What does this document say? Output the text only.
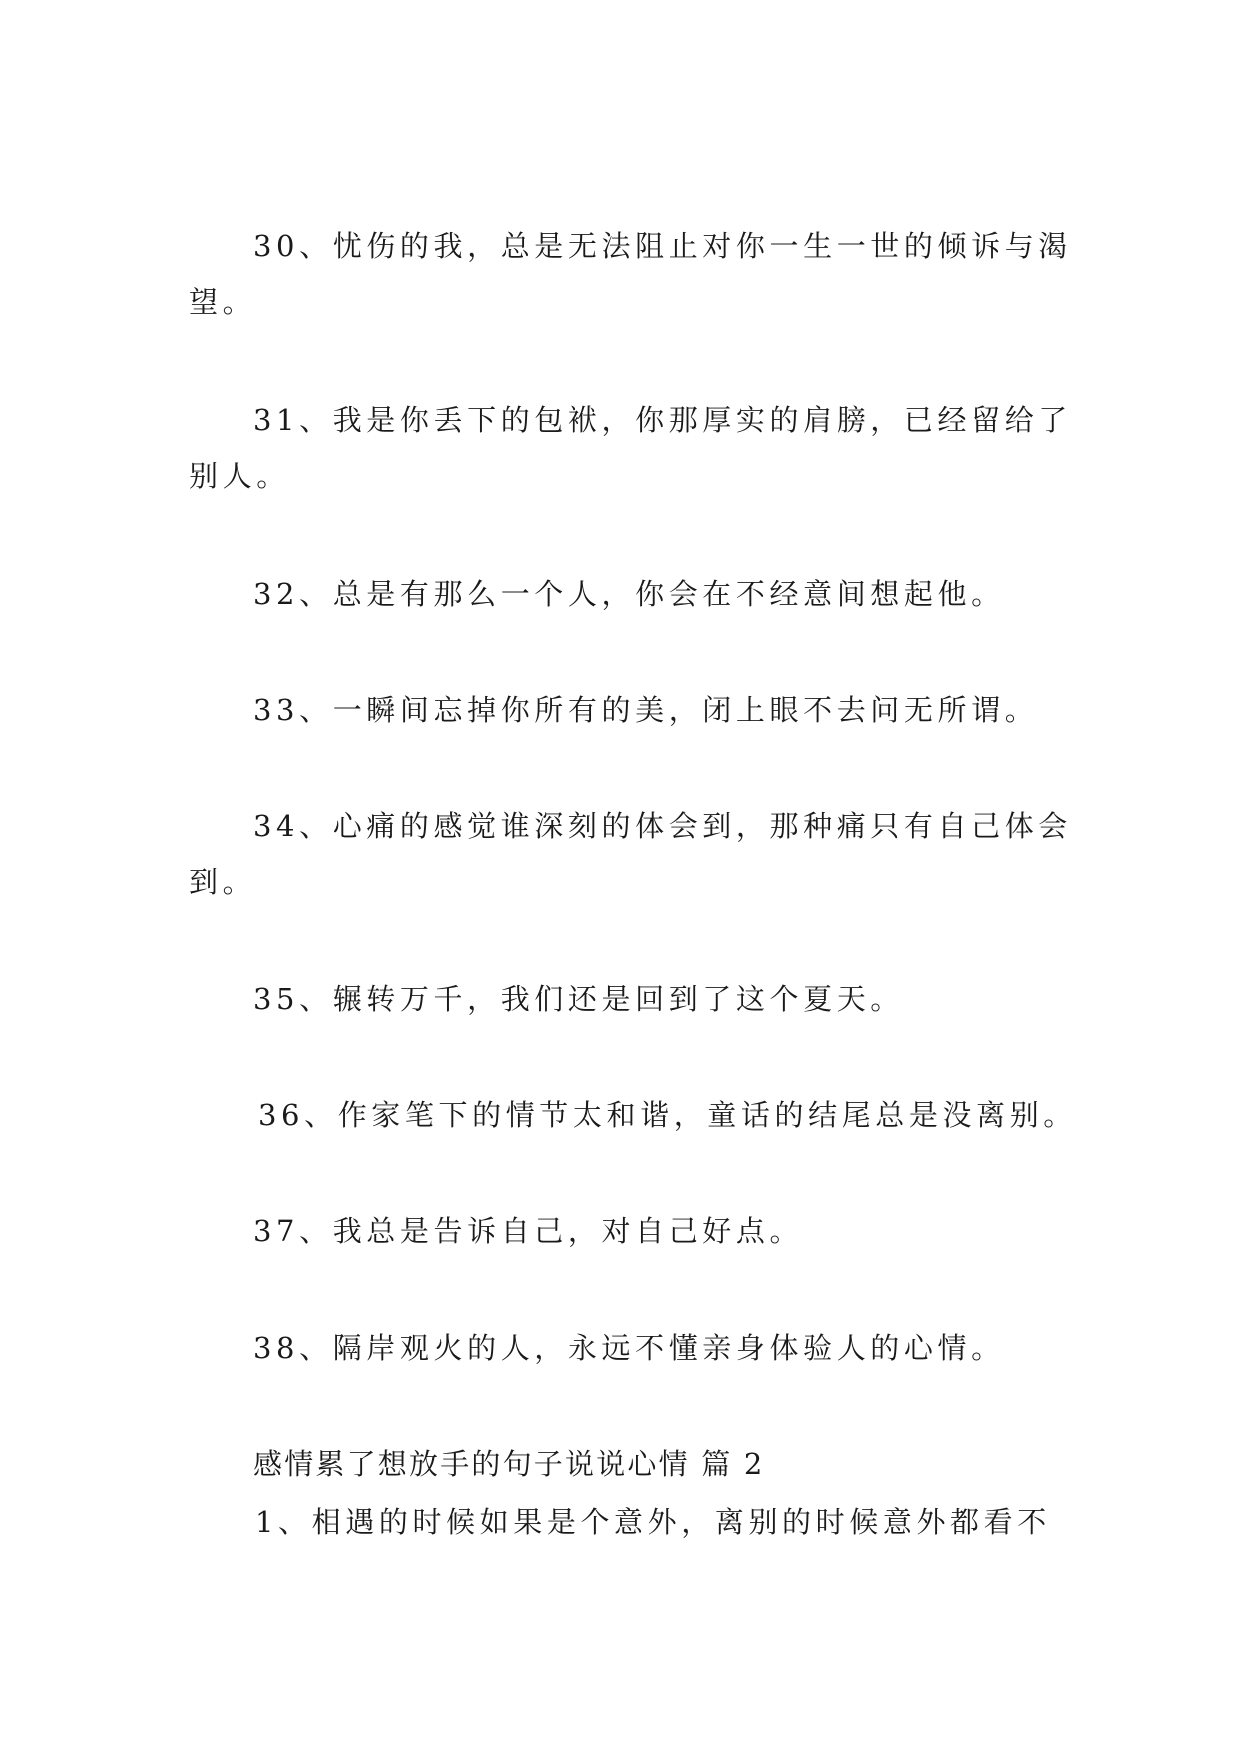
30、忧伤的我，总是无法阻止对你一生一世的倾诉与渴

望。

31、我是你丢下的包袱，你那厚实的肩膀，已经留给了

别人。

32、总是有那么一个人，你会在不经意间想起他。

33、一瞬间忘掉你所有的美，闭上眼不去问无所谓。

34、心痛的感觉谁深刻的体会到，那种痛只有自己体会

到。

35、辗转万千，我们还是回到了这个夏天。

36、作家笔下的情节太和谐，童话的结尾总是没离别。

37、我总是告诉自己，对自己好点。

38、隔岸观火的人，永远不懂亲身体验人的心情。

感情累了想放手的句子说说心情 篇 2

1、相遇的时候如果是个意外，离别的时候意外都看不
